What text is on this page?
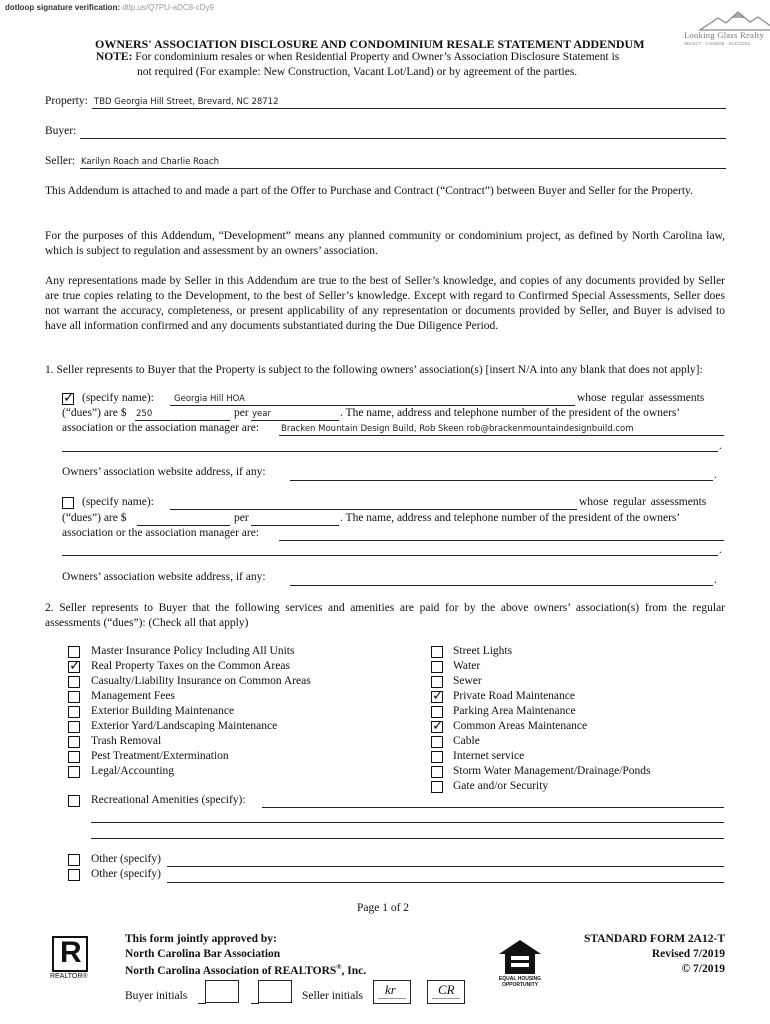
dotloop signature verification: dtlp.us/Q7PU-aDC8-cDy9
Looking Glass Realty
SELECT · CHANGE · SUCCESS
OWNERS' ASSOCIATION DISCLOSURE AND CONDOMINIUM RESALE STATEMENT ADDENDUM
NOTE: For condominium resales or when Residential Property and Owner’s Association Disclosure Statement is
not required (For example: New Construction, Vacant Lot/Land) or by agreement of the parties.
Property: TBD Georgia Hill Street, Brevard, NC 28712
Buyer:
Seller: Karilyn Roach and Charlie Roach
This Addendum is attached to and made a part of the Offer to Purchase and Contract (“Contract”) between Buyer and Seller for the Property.
For the purposes of this Addendum, “Development” means any planned community or condominium project, as defined by North Carolina law, which is subject to regulation and assessment by an owners’ association.
Any representations made by Seller in this Addendum are true to the best of Seller’s knowledge, and copies of any documents provided by Seller are true copies relating to the Development, to the best of Seller’s knowledge. Except with regard to Confirmed Special Assessments, Seller does not warrant the accuracy, completeness, or present applicability of any representation or documents provided by Seller, and Buyer is advised to have all information confirmed and any documents substantiated during the Due Diligence Period.
1. Seller represents to Buyer that the Property is subject to the following owners’ association(s) [insert N/A into any blank that does not apply]:
✓
(specify name): Georgia Hill HOA	whose regular assessments
(“dues”) are $ 250	per year	. The name, address and telephone number of the president of the owners’
association or the association manager are:	Bracken Mountain Design Build, Rob Skeen rob@brackenmountaindesignbuild.com
.
Owners’ association website address, if any:	.
(specify name):	whose regular assessments
(“dues”) are $	per	. The name, address and telephone number of the president of the owners’
association or the association manager are:
.
Owners’ association website address, if any:	.
2. Seller represents to Buyer that the following services and amenities are paid for by the above owners’ association(s) from the regular assessments (“dues”): (Check all that apply)
Master Insurance Policy Including All Units
✓
Real Property Taxes on the Common Areas
Casualty/Liability Insurance on Common Areas
Management Fees
Exterior Building Maintenance
Exterior Yard/Landscaping Maintenance
Trash Removal
Pest Treatment/Extermination
Legal/Accounting
Street Lights
Water
Sewer
✓
Private Road Maintenance
Parking Area Maintenance
✓
Common Areas Maintenance
Cable
Internet service
Storm Water Management/Drainage/Ponds
Gate and/or Security
Recreational Amenities (specify):
Other (specify)
Other (specify)
Page 1 of 2
R
REALTOR®
This form jointly approved by:
North Carolina Bar Association
North Carolina Association of REALTORS®, Inc.
EQUAL HOUSING OPPORTUNITY
STANDARD FORM 2A12-T
Revised 7/2019
© 7/2019
Buyer initials	Seller initials kr	CR
